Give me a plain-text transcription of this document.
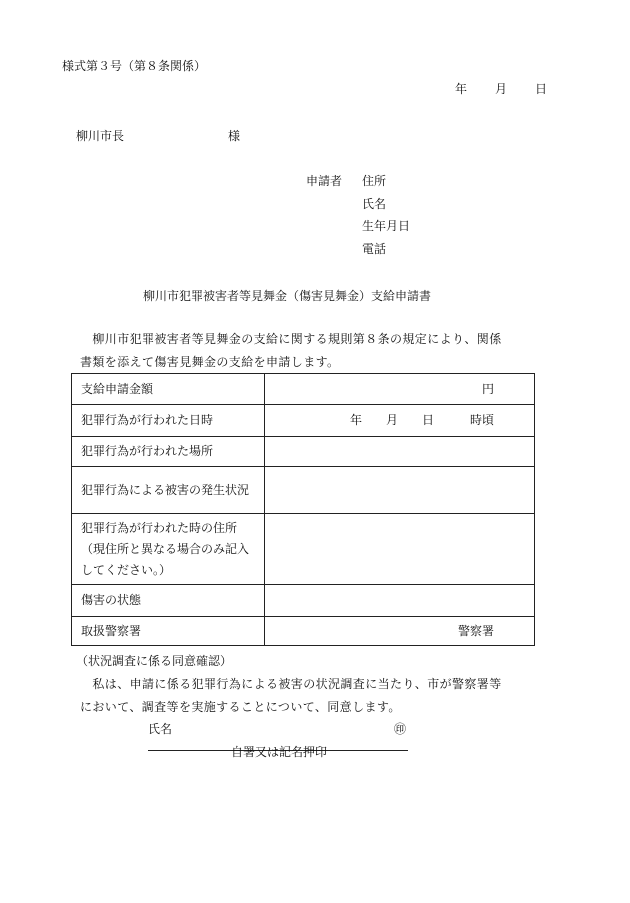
様式第３号（第８条関係）
年 月 日
柳川市長	様
申請者 住所
氏名
生年月日
電話
柳川市犯罪被害者等見舞金（傷害見舞金）支給申請書
　柳川市犯罪被害者等見舞金の支給に関する規則第８条の規定により、関係
書類を添えて傷害見舞金の支給を申請します。
支給申請金額	円
犯罪行為が行われた日時	年　　月　　日　　　時頃
犯罪行為が行われた場所	
犯罪行為による被害の発生状況	
犯罪行為が行われた時の住所（現住所と異なる場合のみ記入してください。）	
傷害の状態	
取扱警察署	警察署
（状況調査に係る同意確認）
　私は、申請に係る犯罪行為による被害の状況調査に当たり、市が警察署等
において、調査等を実施することについて、同意します。
氏名	㊞
自署又は記名押印
